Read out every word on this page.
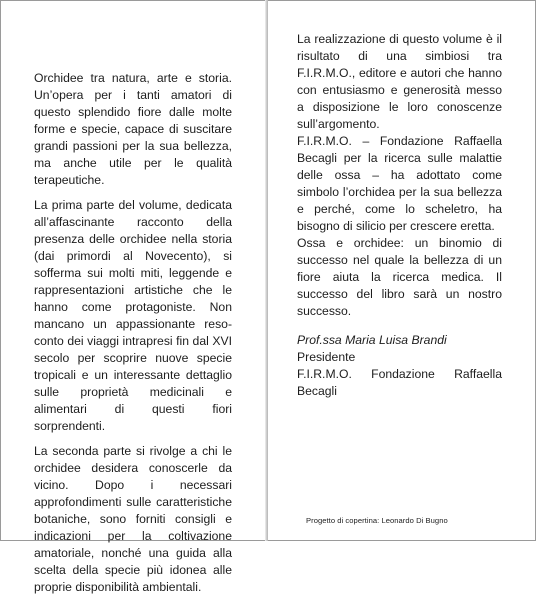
Orchidee tra natura, arte e storia. Un’opera per i tanti amatori di questo splendido fiore dalle molte forme e specie, capace di suscitare grandi passioni per la sua bellezza, ma anche utile per le qualità terapeutiche.

La prima parte del volume, dedicata all’affascinante racconto della presenza delle orchidee nella storia (dai primordi al Novecento), si sofferma sui molti miti, leggende e rappresentazioni artistiche che le hanno come protagoniste. Non mancano un appassionante resoconto dei viaggi intrapresi fin dal XVI secolo per scoprire nuove specie tropicali e un interessante dettaglio sulle proprietà medicinali e alimentari di questi fiori sorprendenti.

La seconda parte si rivolge a chi le orchidee desidera conoscerle da vicino. Dopo i necessari approfondimenti sulle caratteristiche botaniche, sono forniti consigli e indicazioni per la coltivazione amatoriale, nonché una guida alla scelta della specie più idonea alle proprie disponibilità ambientali.

La realizzazione di questo volume è il risultato di una simbiosi tra F.I.R.M.O., editore e autori che hanno con entusiasmo e generosità messo a disposizione le loro conoscenze sull’argomento.

F.I.R.M.O. – Fondazione Raffaella Becagli per la ricerca sulle malattie delle ossa – ha adottato come simbolo l’orchidea per la sua bellezza e perché, come lo scheletro, ha bisogno di silicio per crescere eretta.

Ossa e orchidee: un binomio di successo nel quale la bellezza di un fiore aiuta la ricerca medica. Il successo del libro sarà un nostro successo.

Prof.ssa Maria Luisa Brandi

Presidente

F.I.R.M.O. Fondazione Raffaella Becagli

Progetto di copertina: Leonardo Di Bugno
